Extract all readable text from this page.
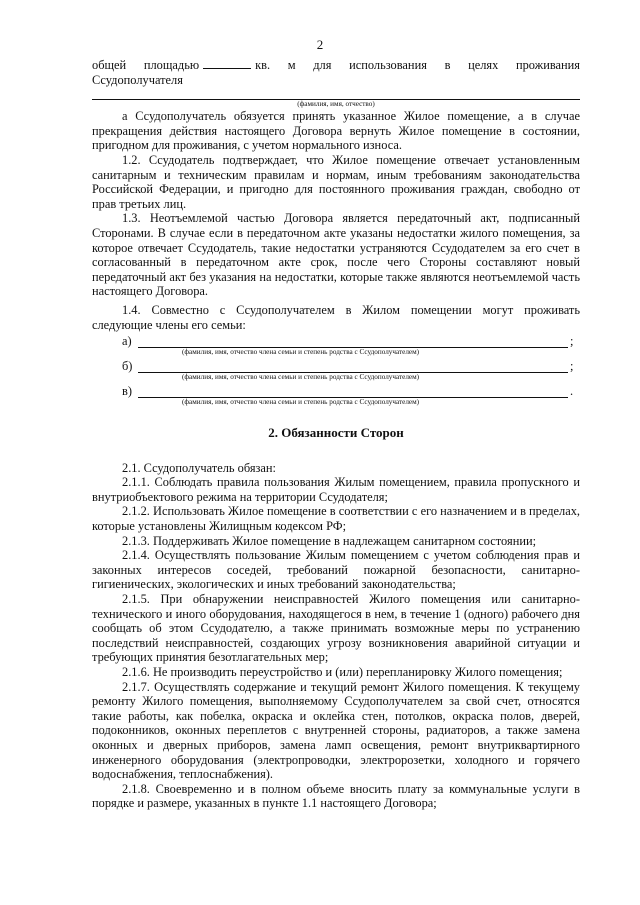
2

общей площадью	кв. м для использования в целях проживания

Ссудополучателя

(фамилия, имя, отчество)

а Ссудополучатель обязуется принять указанное Жилое помещение, а в случае прекращения действия настоящего Договора вернуть Жилое помещение в состоянии, пригодном для проживания, с учетом нормального износа.

1.2. Ссудодатель подтверждает, что Жилое помещение отвечает установленным санитарным и техническим правилам и нормам, иным требованиям законодательства Российской Федерации, и пригодно для постоянного проживания граждан, свободно от прав третьих лиц.

1.3. Неотъемлемой частью Договора является передаточный акт, подписанный Сторонами. В случае если в передаточном акте указаны недостатки жилого помещения, за которое отвечает Ссудодатель, такие недостатки устраняются Ссудодателем за его счет в согласованный в передаточном акте срок, после чего Стороны составляют новый передаточный акт без указания на недостатки, которые также являются неотъемлемой часть настоящего Договора.

1.4. Совместно с Ссудополучателем в Жилом помещении могут проживать следующие члены его семьи:

а)	;
(фамилия, имя, отчество члена семьи и степень родства с Ссудополучателем)
б)	;
(фамилия, имя, отчество члена семьи и степень родства с Ссудополучателем)
в)	.
(фамилия, имя, отчество члена семьи и степень родства с Ссудополучателем)
2. Обязанности Сторон

2.1. Ссудополучатель обязан:

2.1.1. Соблюдать правила пользования Жилым помещением, правила пропускного и внутриобъектового режима на территории Ссудодателя;

2.1.2. Использовать Жилое помещение в соответствии с его назначением и в пределах, которые установлены Жилищным кодексом РФ;

2.1.3. Поддерживать Жилое помещение в надлежащем санитарном состоянии;

2.1.4. Осуществлять пользование Жилым помещением с учетом соблюдения прав и законных интересов соседей, требований пожарной безопасности, санитарно-гигиенических, экологических и иных требований законодательства;

2.1.5. При обнаружении неисправностей Жилого помещения или санитарно-технического и иного оборудования, находящегося в нем, в течение 1 (одного) рабочего дня сообщать об этом Ссудодателю, а также принимать возможные меры по устранению последствий неисправностей, создающих угрозу возникновения аварийной ситуации и требующих принятия безотлагательных мер;

2.1.6. Не производить переустройство и (или) перепланировку Жилого помещения;

2.1.7. Осуществлять содержание и текущий ремонт Жилого помещения. К текущему ремонту Жилого помещения, выполняемому Ссудополучателем за свой счет, относятся такие работы, как побелка, окраска и оклейка стен, потолков, окраска полов, дверей, подоконников, оконных переплетов с внутренней стороны, радиаторов, а также замена оконных и дверных приборов, замена ламп освещения, ремонт внутриквартирного инженерного оборудования (электропроводки, электророзетки, холодного и горячего водоснабжения, теплоснабжения).

2.1.8. Своевременно и в полном объеме вносить плату за коммунальные услуги в порядке и размере, указанных в пункте 1.1 настоящего Договора;
